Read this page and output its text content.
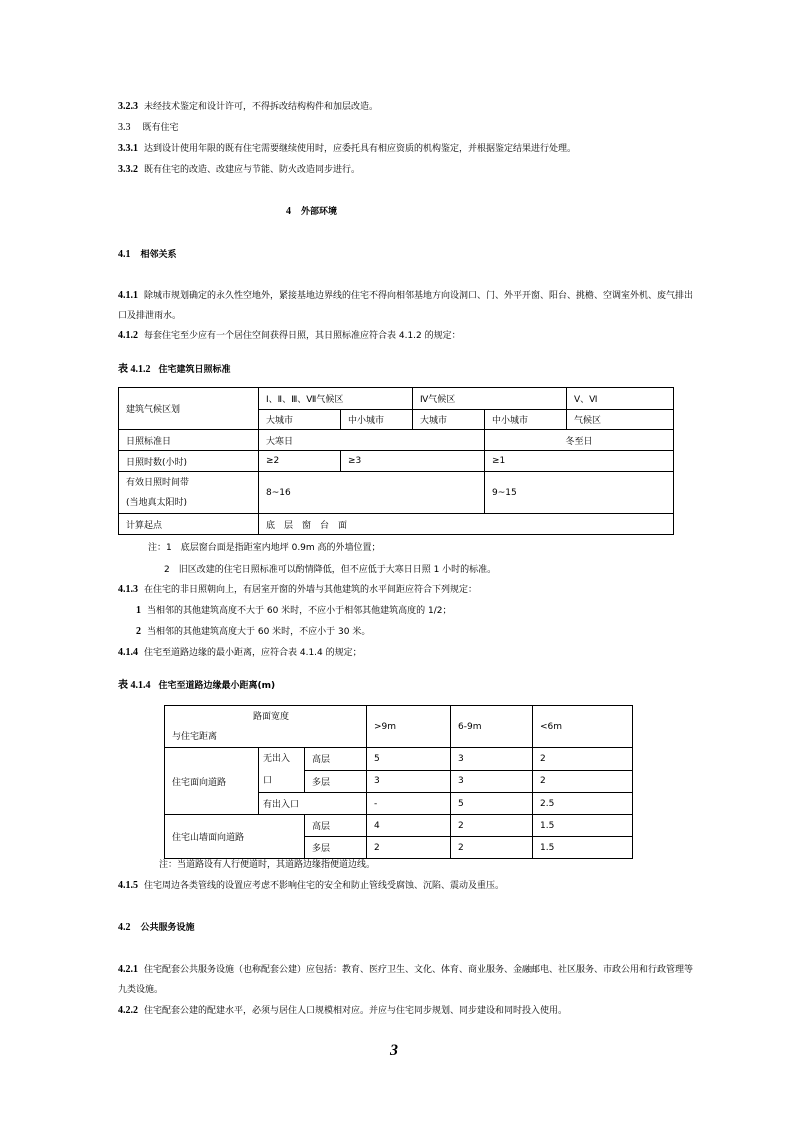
3.2.3 未经技术鉴定和设计许可，不得拆改结构构件和加层改造。
3.3 既有住宅
3.3.1 达到设计使用年限的既有住宅需要继续使用时，应委托具有相应资质的机构鉴定，并根据鉴定结果进行处理。
3.3.2 既有住宅的改造、改建应与节能、防火改造同步进行。
4 外部环境
4.1 相邻关系
4.1.1 除城市规划确定的永久性空地外，紧接基地边界线的住宅不得向相邻基地方向设洞口、门、外平开窗、阳台、挑檐、空调室外机、废气排出
口及排泄雨水。
4.1.2 每套住宅至少应有一个居住空间获得日照，其日照标准应符合表 4.1.2 的规定：
表 4.1.2 住宅建筑日照标准
建筑气候区划	Ⅰ、Ⅱ、Ⅲ、Ⅶ气候区		Ⅳ气候区		Ⅴ、Ⅵ
	大城市	中小城市	大城市	中小城市	气候区
日照标准日	大寒日			冬至日	
日照时数(小时)	≥2	≥3		≥1	

有效日照时间带
(当地真太阳时)	8~16			9~15	
计算起点	底　层　窗　台　面				
注：1　底层窗台面是指距室内地坪 0.9m 高的外墙位置；
2　旧区改建的住宅日照标准可以酌情降低，但不应低于大寒日日照 1 小时的标准。
4.1.3 在住宅的非日照朝向上，有居室开窗的外墙与其他建筑的水平间距应符合下列规定：
1 当相邻的其他建筑高度不大于 60 米时，不应小于相邻其他建筑高度的 1/2；
2 当相邻的其他建筑高度大于 60 米时，不应小于 30 米。
4.1.4 住宅至道路边缘的最小距离，应符合表 4.1.4 的规定；
表 4.1.4 住宅至道路边缘最小距离(m)
路面宽度
与住宅距离			>9m	6-9m	<6m
住宅面向道路	无出入
口	高层	5	3	2
		多层	3	3	2
	有出入口		-	5	2.5
住宅山墙面向道路		高层	4	2	1.5
		多层	2	2	1.5
注：当道路设有人行便道时，其道路边缘指便道边线。
4.1.5 住宅周边各类管线的设置应考虑不影响住宅的安全和防止管线受腐蚀、沉陷、震动及重压。
4.2 公共服务设施
4.2.1 住宅配套公共服务设施（也称配套公建）应包括：教育、医疗卫生、文化、体育、商业服务、金融邮电、社区服务、市政公用和行政管理等
九类设施。
4.2.2 住宅配套公建的配建水平，必须与居住人口规模相对应。并应与住宅同步规划、同步建设和同时投入使用。
3
